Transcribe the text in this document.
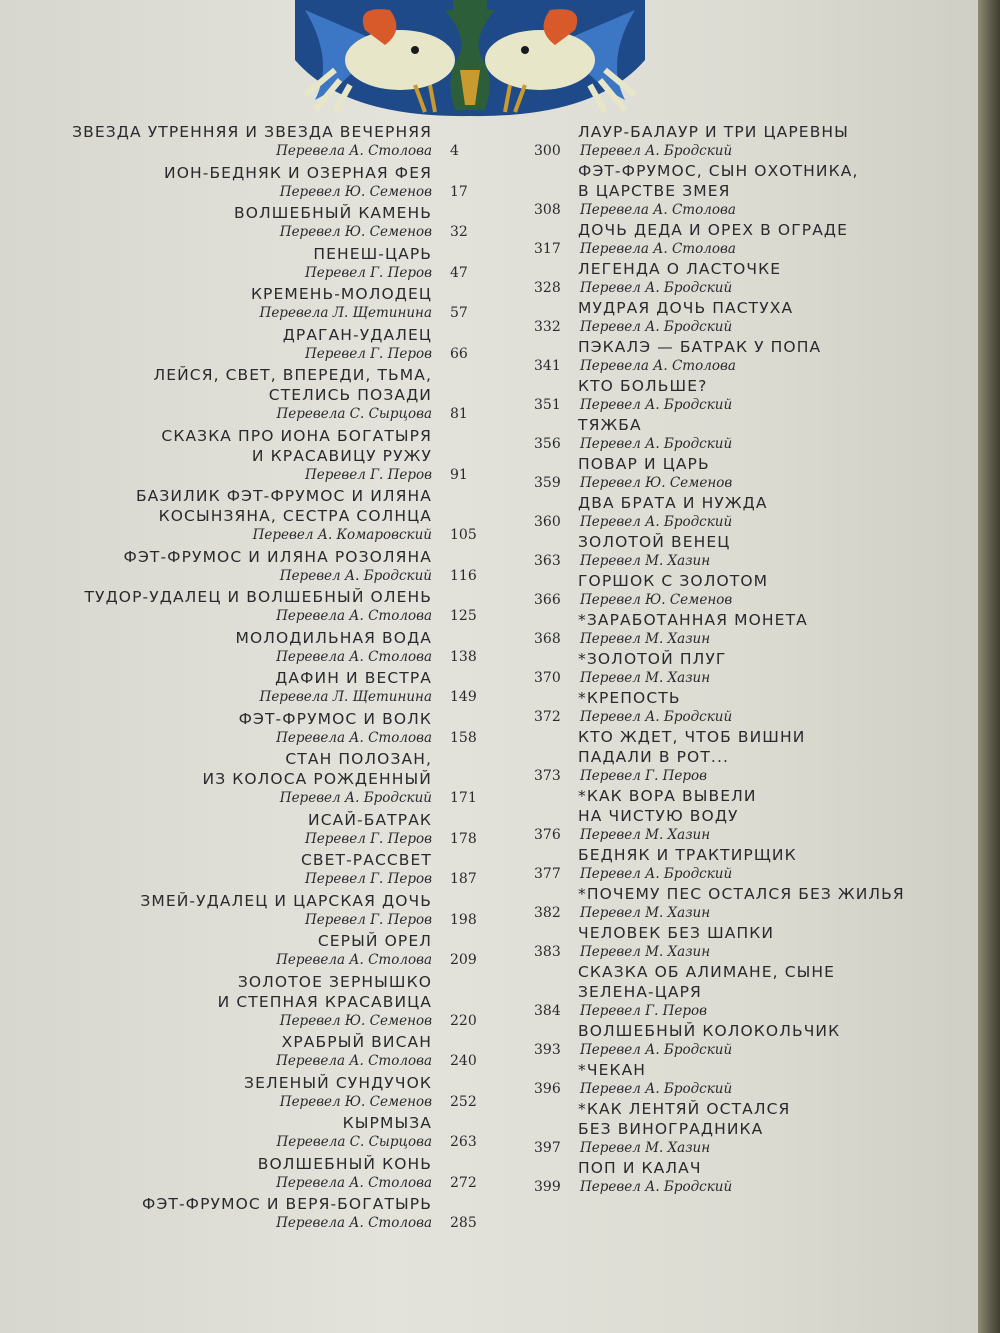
ЗВЕЗДА УТРЕННЯЯ И ЗВЕЗДА ВЕЧЕРНЯЯ
Перевела А. Столова 4
ИОН-БЕДНЯК И ОЗЕРНАЯ ФЕЯ
Перевел Ю. Семенов 17
ВОЛШЕБНЫЙ КАМЕНЬ
Перевел Ю. Семенов 32
ПЕНЕШ-ЦАРЬ
Перевел Г. Перов 47
КРЕМЕНЬ-МОЛОДЕЦ
Перевела Л. Щетинина 57
ДРАГАН-УДАЛЕЦ
Перевел Г. Перов 66
ЛЕЙСЯ, СВЕТ, ВПЕРЕДИ, ТЬМА,
СТЕЛИСЬ ПОЗАДИ
Перевела С. Сырцова 81
СКАЗКА ПРО ИОНА БОГАТЫРЯ
И КРАСАВИЦУ РУЖУ
Перевел Г. Перов 91
БАЗИЛИК ФЭТ-ФРУМОС И ИЛЯНА
КОСЫНЗЯНА, СЕСТРА СОЛНЦА
Перевел А. Комаровский 105
ФЭТ-ФРУМОС И ИЛЯНА РОЗОЛЯНА
Перевел А. Бродский 116
ТУДОР-УДАЛЕЦ И ВОЛШЕБНЫЙ ОЛЕНЬ
Перевела А. Столова 125
МОЛОДИЛЬНАЯ ВОДА
Перевела А. Столова 138
ДАФИН И ВЕСТРА
Перевела Л. Щетинина 149
ФЭТ-ФРУМОС И ВОЛК
Перевела А. Столова 158
СТАН ПОЛОЗАН,
ИЗ КОЛОСА РОЖДЕННЫЙ
Перевел А. Бродский 171
ИСАЙ-БАТРАК
Перевел Г. Перов 178
СВЕТ-РАССВЕТ
Перевел Г. Перов 187
ЗМЕЙ-УДАЛЕЦ И ЦАРСКАЯ ДОЧЬ
Перевел Г. Перов 198
СЕРЫЙ ОРЕЛ
Перевела А. Столова 209
ЗОЛОТОЕ ЗЕРНЫШКО
И СТЕПНАЯ КРАСАВИЦА
Перевел Ю. Семенов 220
ХРАБРЫЙ ВИСАН
Перевела А. Столова 240
ЗЕЛЕНЫЙ СУНДУЧОК
Перевел Ю. Семенов 252
КЫРМЫЗА
Перевела С. Сырцова 263
ВОЛШЕБНЫЙ КОНЬ
Перевела А. Столова 272
ФЭТ-ФРУМОС И ВЕРЯ-БОГАТЫРЬ
Перевела А. Столова 285
ЛАУР-БАЛАУР И ТРИ ЦАРЕВНЫ
Перевел А. Бродский
300
ФЭТ-ФРУМОС, СЫН ОХОТНИКА,
В ЦАРСТВЕ ЗМЕЯ
Перевела А. Столова
308
ДОЧЬ ДЕДА И ОРЕХ В ОГРАДЕ
Перевела А. Столова
317
ЛЕГЕНДА О ЛАСТОЧКЕ
Перевел А. Бродский
328
МУДРАЯ ДОЧЬ ПАСТУХА
Перевел А. Бродский
332
ПЭКАЛЭ — БАТРАК У ПОПА
Перевела А. Столова
341
КТО БОЛЬШЕ?
Перевел А. Бродский
351
ТЯЖБА
Перевел А. Бродский
356
ПОВАР И ЦАРЬ
Перевел Ю. Семенов
359
ДВА БРАТА И НУЖДА
Перевел А. Бродский
360
ЗОЛОТОЙ ВЕНЕЦ
Перевел М. Хазин
363
ГОРШОК С ЗОЛОТОМ
Перевел Ю. Семенов
366
*ЗАРАБОТАННАЯ МОНЕТА
Перевел М. Хазин
368
*ЗОЛОТОЙ ПЛУГ
Перевел М. Хазин
370
*КРЕПОСТЬ
Перевел А. Бродский
372
КТО ЖДЕТ, ЧТОБ ВИШНИ
ПАДАЛИ В РОТ...
Перевел Г. Перов
373
*КАК ВОРА ВЫВЕЛИ
НА ЧИСТУЮ ВОДУ
Перевел М. Хазин
376
БЕДНЯК И ТРАКТИРЩИК
Перевел А. Бродский
377
*ПОЧЕМУ ПЕС ОСТАЛСЯ БЕЗ ЖИЛЬЯ
Перевел М. Хазин
382
ЧЕЛОВЕК БЕЗ ШАПКИ
Перевел М. Хазин
383
СКАЗКА ОБ АЛИМАНЕ, СЫНЕ
ЗЕЛЕНА-ЦАРЯ
Перевел Г. Перов
384
ВОЛШЕБНЫЙ КОЛОКОЛЬЧИК
Перевел А. Бродский
393
*ЧЕКАН
Перевел А. Бродский
396
*КАК ЛЕНТЯЙ ОСТАЛСЯ
БЕЗ ВИНОГРАДНИКА
Перевел М. Хазин
397
ПОП И КАЛАЧ
Перевел А. Бродский
399
